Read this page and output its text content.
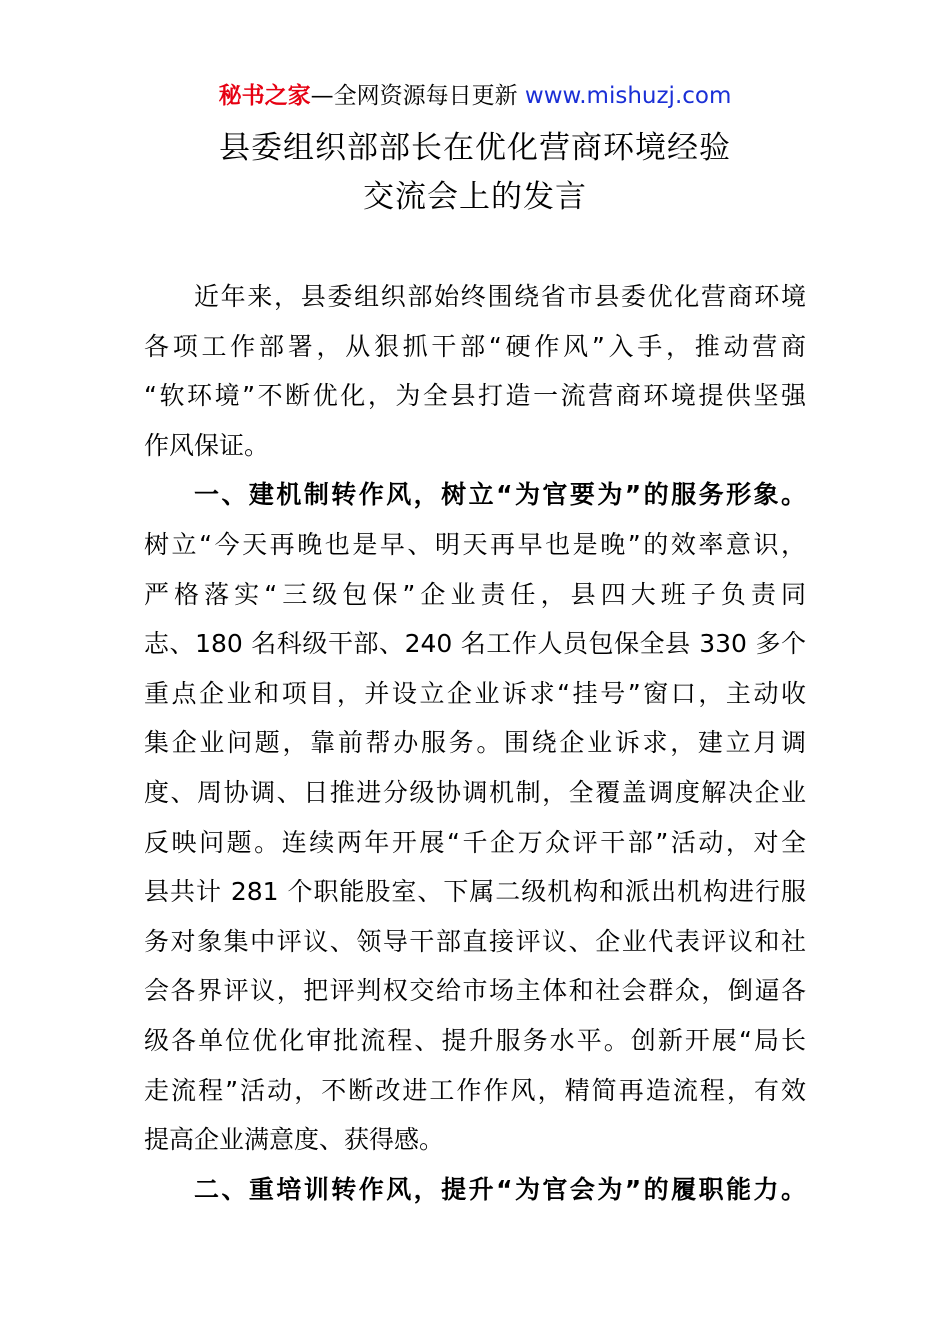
秘书之家—全网资源每日更新 www.mishuzj.com
县委组织部部长在优化营商环境经验
交流会上的发言
近年来，县委组织部始终围绕省市县委优化营商环境
各项工作部署，从狠抓干部“硬作风”入手，推动营商
“软环境”不断优化，为全县打造一流营商环境提供坚强
作风保证。
一、建机制转作风，树立“为官要为”的服务形象。
树立“今天再晚也是早、明天再早也是晚”的效率意识，
严格落实“三级包保”企业责任，县四大班子负责同
志、180 名科级干部、240 名工作人员包保全县 330 多个
重点企业和项目，并设立企业诉求“挂号”窗口，主动收
集企业问题，靠前帮办服务。围绕企业诉求，建立月调
度、周协调、日推进分级协调机制，全覆盖调度解决企业
反映问题。连续两年开展“千企万众评干部”活动，对全
县共计 281 个职能股室、下属二级机构和派出机构进行服
务对象集中评议、领导干部直接评议、企业代表评议和社
会各界评议，把评判权交给市场主体和社会群众，倒逼各
级各单位优化审批流程、提升服务水平。创新开展“局长
走流程”活动，不断改进工作作风，精简再造流程，有效
提高企业满意度、获得感。
二、重培训转作风，提升“为官会为”的履职能力。
